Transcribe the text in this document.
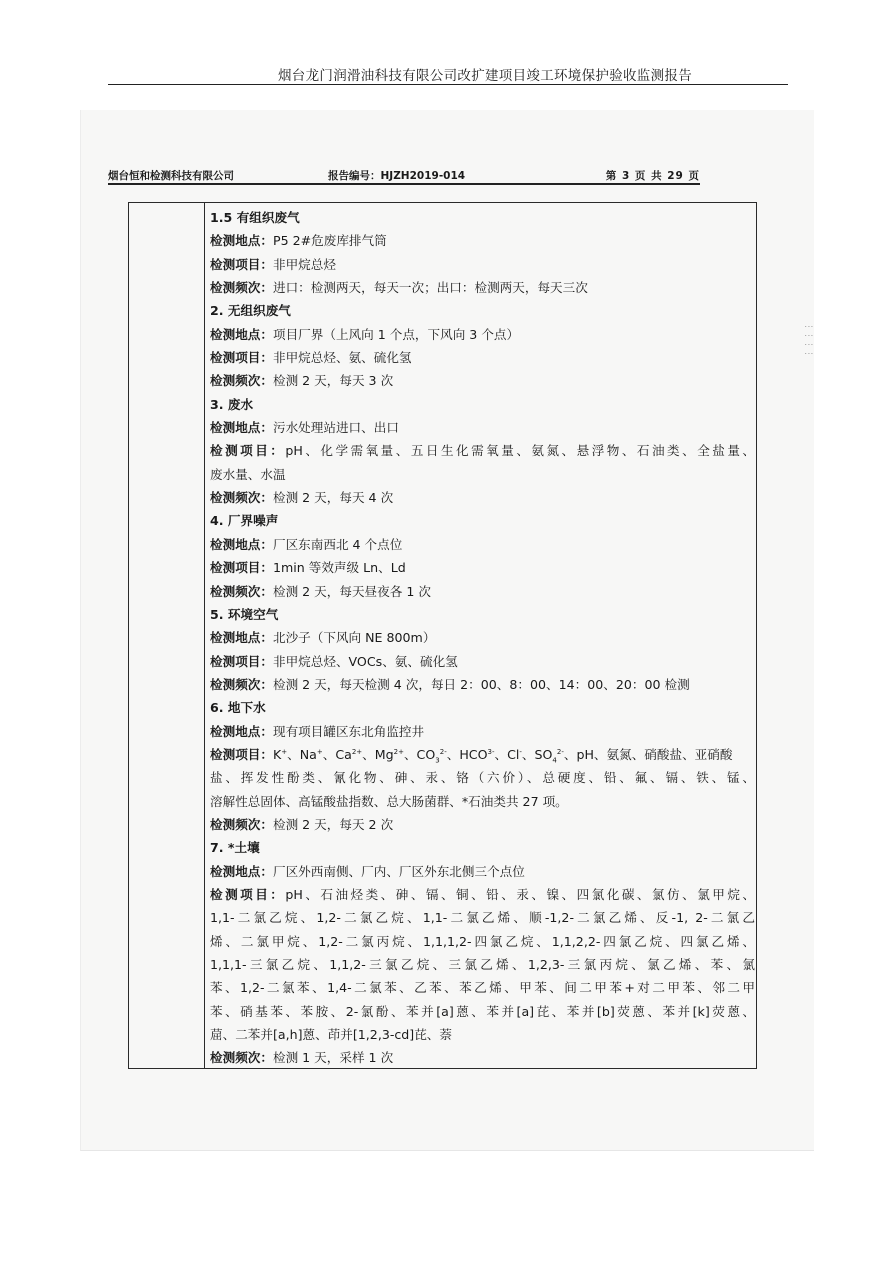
烟台龙门润滑油科技有限公司改扩建项目竣工环境保护验收监测报告
⋮⋮⋮⋮
烟台恒和检测科技有限公司	报告编号：HJZH2019-014	第 3 页 共 29 页
1.5 有组织废气
检测地点：P5 2#危废库排气筒
检测项目：非甲烷总烃
检测频次：进口：检测两天，每天一次；出口：检测两天，每天三次
2. 无组织废气
检测地点：项目厂界（上风向 1 个点，下风向 3 个点）
检测项目：非甲烷总烃、氨、硫化氢
检测频次：检测 2 天，每天 3 次
3. 废水
检测地点：污水处理站进口、出口
检测项目：pH、化学需氧量、五日生化需氧量、氨氮、悬浮物、石油类、全盐量、
废水量、水温
检测频次：检测 2 天，每天 4 次
4. 厂界噪声
检测地点：厂区东南西北 4 个点位
检测项目：1min 等效声级 Ln、Ld
检测频次：检测 2 天，每天昼夜各 1 次
5. 环境空气
检测地点：北沙子（下风向 NE 800m）
检测项目：非甲烷总烃、VOCs、氨、硫化氢
检测频次：检测 2 天，每天检测 4 次，每日 2：00、8：00、14：00、20：00 检测
6. 地下水
检测地点：现有项目罐区东北角监控井
检测项目：K+、Na+、$Ca^{2+}$、$Mg^{2+}$、$CO_3^{2-}$、$HCO^{3-}$、Cl-、$SO_4^{2-}$、pH、氨氮、硝酸盐、亚硝酸
盐、挥发性酚类、氰化物、砷、汞、铬（六价）、总硬度、铅、氟、镉、铁、锰、
溶解性总固体、高锰酸盐指数、总大肠菌群、*石油类共 27 项。
检测频次：检测 2 天，每天 2 次
7. *土壤
检测地点：厂区外西南侧、厂内、厂区外东北侧三个点位
检测项目：pH、石油烃类、砷、镉、铜、铅、汞、镍、四氯化碳、氯仿、氯甲烷、
1,1-二氯乙烷、1,2-二氯乙烷、1,1-二氯乙烯、顺-1,2-二氯乙烯、反-1, 2-二氯乙
烯、二氯甲烷、1,2-二氯丙烷、1,1,1,2-四氯乙烷、1,1,2,2-四氯乙烷、四氯乙烯、
1,1,1-三氯乙烷、1,1,2-三氯乙烷、三氯乙烯、1,2,3-三氯丙烷、氯乙烯、苯、氯
苯、1,2-二氯苯、1,4-二氯苯、乙苯、苯乙烯、甲苯、间二甲苯+对二甲苯、邻二甲
苯、硝基苯、苯胺、2-氯酚、苯并[a]蒽、苯并[a]芘、苯并[b]荧蒽、苯并[k]荧蒽、
䓛、二苯并[a,h]蒽、茚并[1,2,3-cd]芘、萘
检测频次：检测 1 天，采样 1 次
